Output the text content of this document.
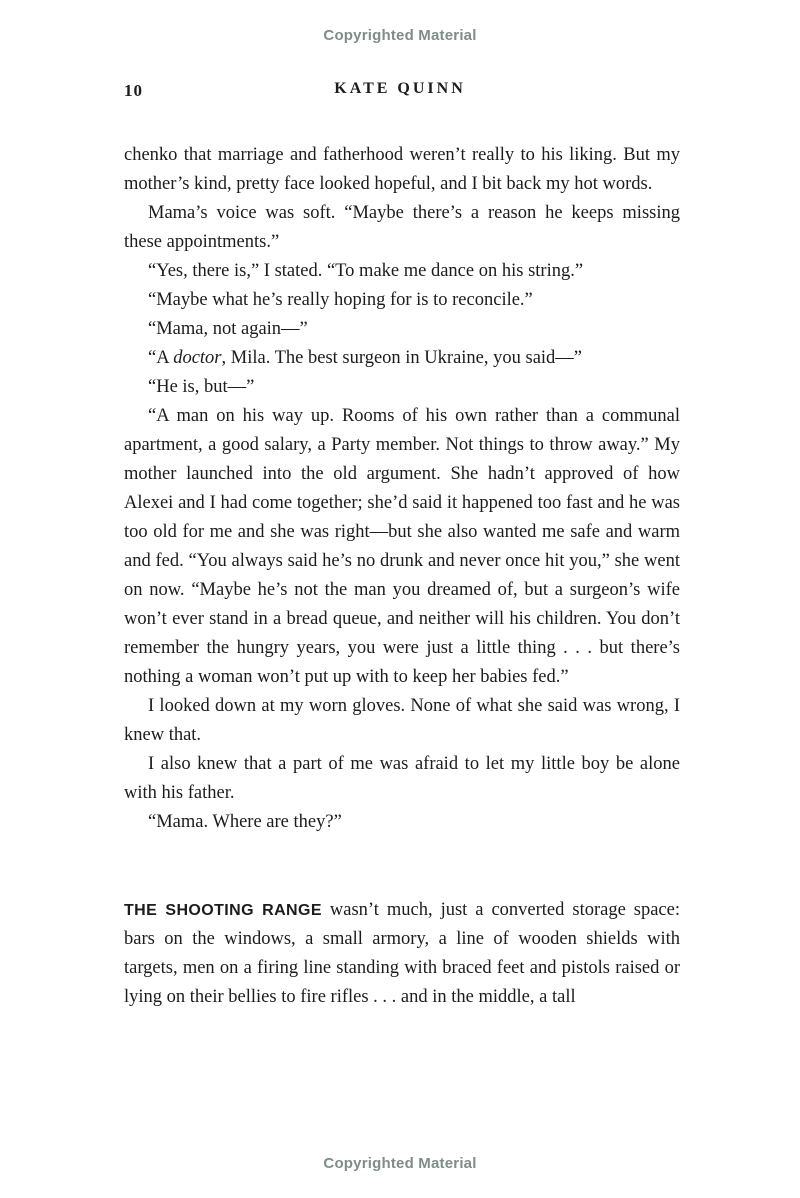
Copyrighted Material
10	KATE QUINN

chenko that marriage and fatherhood weren’t really to his liking. But my mother’s kind, pretty face looked hopeful, and I bit back my hot words.

Mama’s voice was soft. “Maybe there’s a reason he keeps missing these appointments.”

“Yes, there is,” I stated. “To make me dance on his string.”

“Maybe what he’s really hoping for is to reconcile.”

“Mama, not again—”

“A doctor, Mila. The best surgeon in Ukraine, you said—”

“He is, but—”

“A man on his way up. Rooms of his own rather than a communal apartment, a good salary, a Party member. Not things to throw away.” My mother launched into the old argument. She hadn’t approved of how Alexei and I had come together; she’d said it happened too fast and he was too old for me and she was right—but she also wanted me safe and warm and fed. “You always said he’s no drunk and never once hit you,” she went on now. “Maybe he’s not the man you dreamed of, but a surgeon’s wife won’t ever stand in a bread queue, and neither will his children. You don’t remember the hungry years, you were just a little thing . . . but there’s nothing a woman won’t put up with to keep her babies fed.”

I looked down at my worn gloves. None of what she said was wrong, I knew that.

I also knew that a part of me was afraid to let my little boy be alone with his father.

“Mama. Where are they?”

THE SHOOTING RANGE wasn’t much, just a converted storage space: bars on the windows, a small armory, a line of wooden shields with targets, men on a firing line standing with braced feet and pistols raised or lying on their bellies to fire rifles . . . and in the middle, a tall

Copyrighted Material
